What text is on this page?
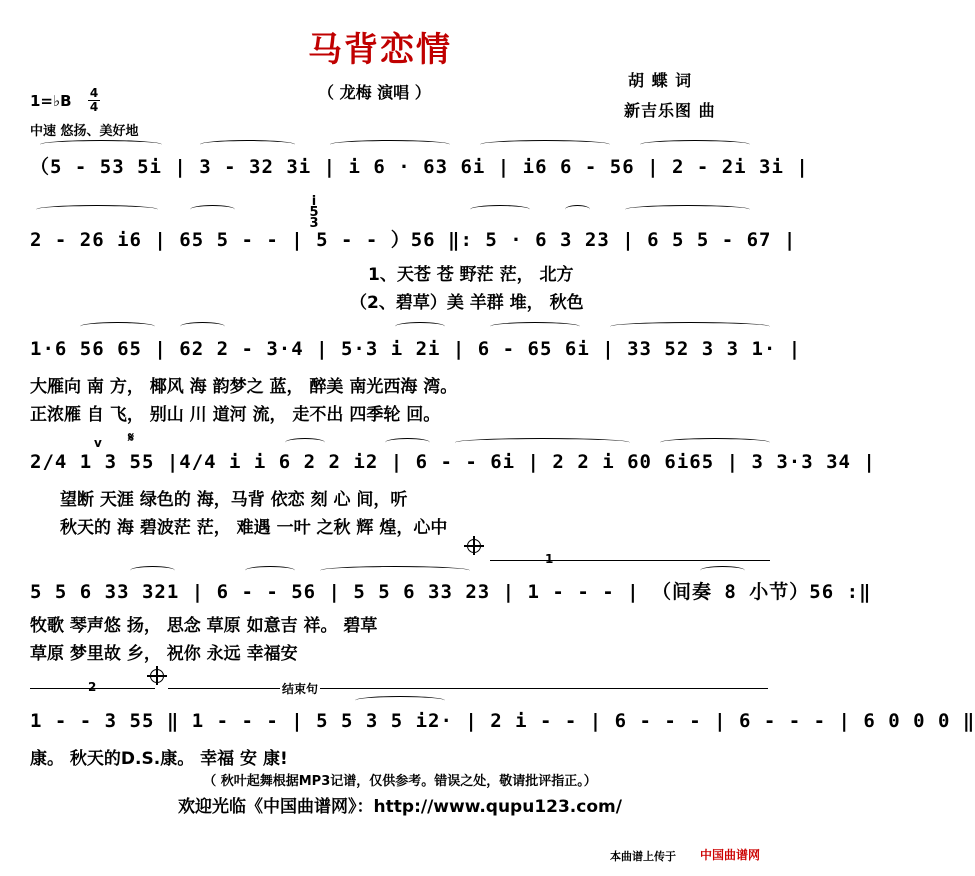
马背恋情
（ 龙梅 演唱 ）
胡 蝶 词
新吉乐图 曲
1=♭B 4
4
中速 悠扬、美好地
（5 - 53 5i | 3 - 32 3i | i 6 · 63 6i | i6 6 - 56 | 2 - 2i 3i |
i
5
3
2 - 26 i6 | 65 5 - - | 5 - - ）56 ‖: 5 · 6 3 23 | 6 5 5 - 67 |
1、天苍 苍 野茫 茫， 北方
（2、碧草）美 羊群 堆， 秋色
1·6 56 65 | 62 2 - 3·4 | 5·3 i 2i | 6 - 65 6i | 33 52 3 3 1· |
大雁向 南 方， 椰风 海 韵梦之 蓝， 醉美 南光西海 湾。
正浓雁 自 飞， 别山 川 道河 流， 走不出 四季轮 回。
v 𝄋
2/4 1 3 55 |4/4 i i 6 2 2 i2 | 6 - - 6i | 2 2 i 60 6i65 | 3 3·3 34 |
望断 天涯 绿色的 海，马背 依恋 刻 心 间，听
秋天的 海 碧波茫 茫， 难遇 一叶 之秋 辉 煌，心中
1
5 5 6 33 321 | 6 - - 56 | 5 5 6 33 23 | 1 - - - | （间奏 8 小节）56 :‖
牧歌 琴声悠 扬， 思念 草原 如意吉 祥。 碧草
草原 梦里故 乡， 祝你 永远 幸福安
2	结束句
1 - - 3 55 ‖ 1 - - - | 5 5 3 5 i2· | 2 i - - | 6 - - - | 6 - - - | 6 0 0 0 ‖
康。 秋天的D.S.康。 幸福 安 康!
（ 秋叶起舞根据MP3记谱，仅供参考。错误之处，敬请批评指正。）
欢迎光临《中国曲谱网》：http://www.qupu123.com/
本曲谱上传于 中国曲谱网
